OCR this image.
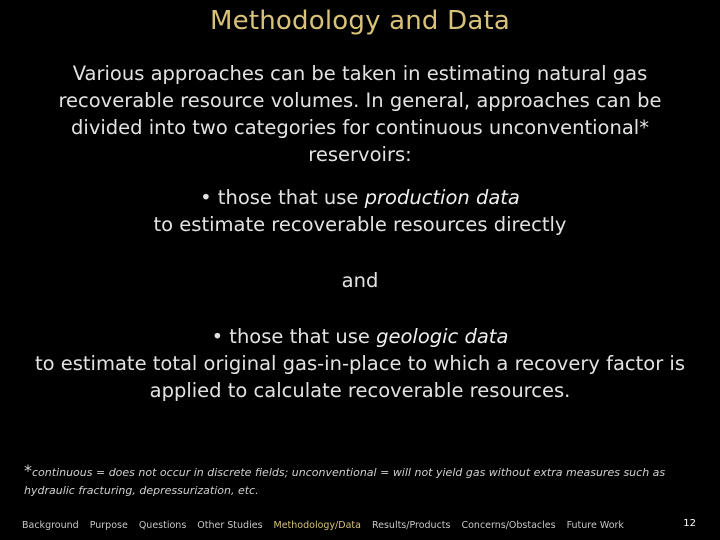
Methodology and Data

Various approaches can be taken in estimating natural gas recoverable resource volumes. In general, approaches can be divided into two categories for continuous unconventional* reservoirs:

• those that use production data
to estimate recoverable resources directly

and

• those that use geologic data
to estimate total original gas-in-place to which a recovery factor is applied to calculate recoverable resources.

*continuous = does not occur in discrete fields; unconventional = will not yield gas without extra measures such as hydraulic fracturing, depressurization, etc.
Background Purpose Questions Other Studies Methodology/Data Results/Products Concerns/Obstacles Future Work	12
